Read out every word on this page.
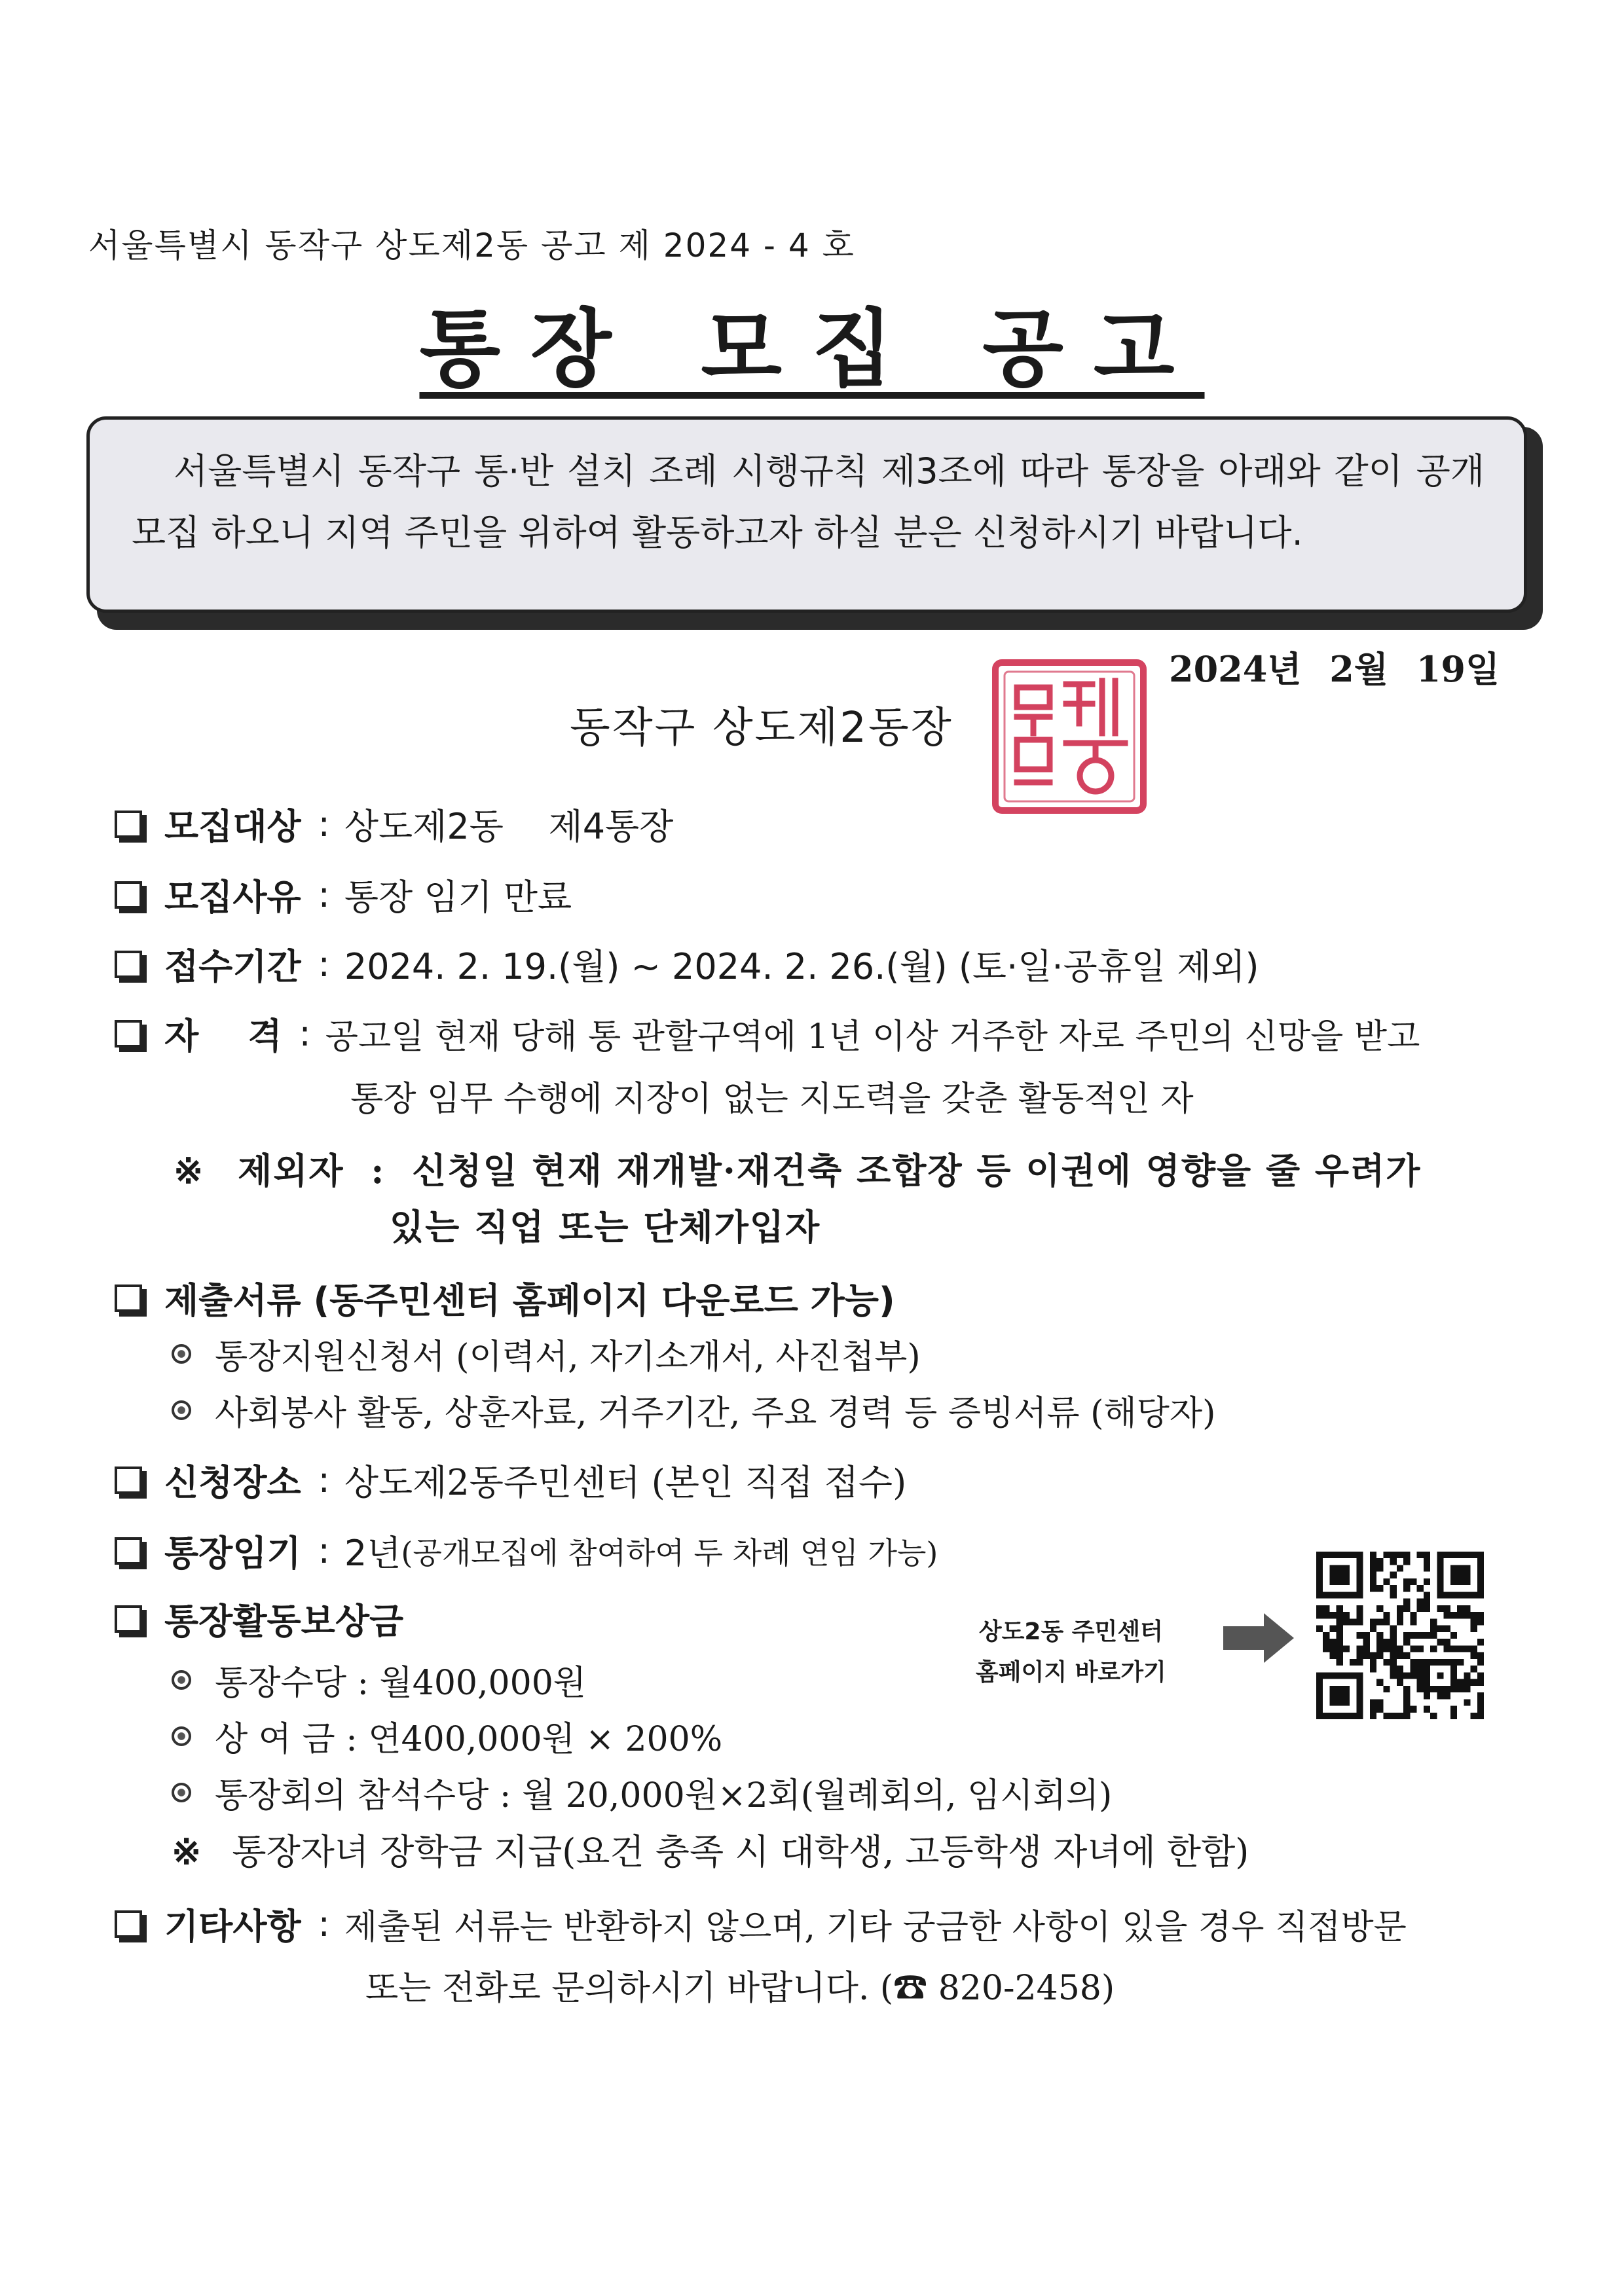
서울특별시 동작구 상도제2동 공고 제 2024 - 4 호
통장 모집 공고
서울특별시 동작구 통·반 설치 조례 시행규칙 제3조에 따라 통장을 아래와 같이 공개모집 하오니 지역 주민을 위하여 활동하고자 하실 분은 신청하시기 바랍니다.
2024년 2월 19일
동작구 상도제2동장
모집대상 : 상도제2동    제4통장
모집사유 : 통장 임기 만료
접수기간 : 2024. 2. 19.(월) ~ 2024. 2. 26.(월) (토·일·공휴일 제외)
자    격 : 공고일 현재 당해 통 관할구역에 1년 이상 거주한 자로 주민의 신망을 받고
통장 임무 수행에 지장이 없는 지도력을 갖춘 활동적인 자
※ 제외자 : 신청일 현재 재개발·재건축 조합장 등 이권에 영향을 줄 우려가
있는 직업 또는 단체가입자
제출서류 (동주민센터 홈페이지 다운로드 가능)
통장지원신청서 (이력서, 자기소개서, 사진첩부)
사회봉사 활동, 상훈자료, 거주기간, 주요 경력 등 증빙서류 (해당자)
신청장소 : 상도제2동주민센터 (본인 직접 접수)
통장임기 : 2년 (공개모집에 참여하여 두 차례 연임 가능)
통장활동보상금
통장수당 : 월400,000원
상 여 금 : 연400,000원 × 200%
통장회의 참석수당 : 월 20,000원×2회(월례회의, 임시회의)
※ 통장자녀 장학금 지급(요건 충족 시 대학생, 고등학생 자녀에 한함)
기타사항 : 제출된 서류는 반환하지 않으며, 기타 궁금한 사항이 있을 경우 직접방문
또는 전화로 문의하시기 바랍니다. (☎ 820-2458)
상도2동 주민센터
홈페이지 바로가기
